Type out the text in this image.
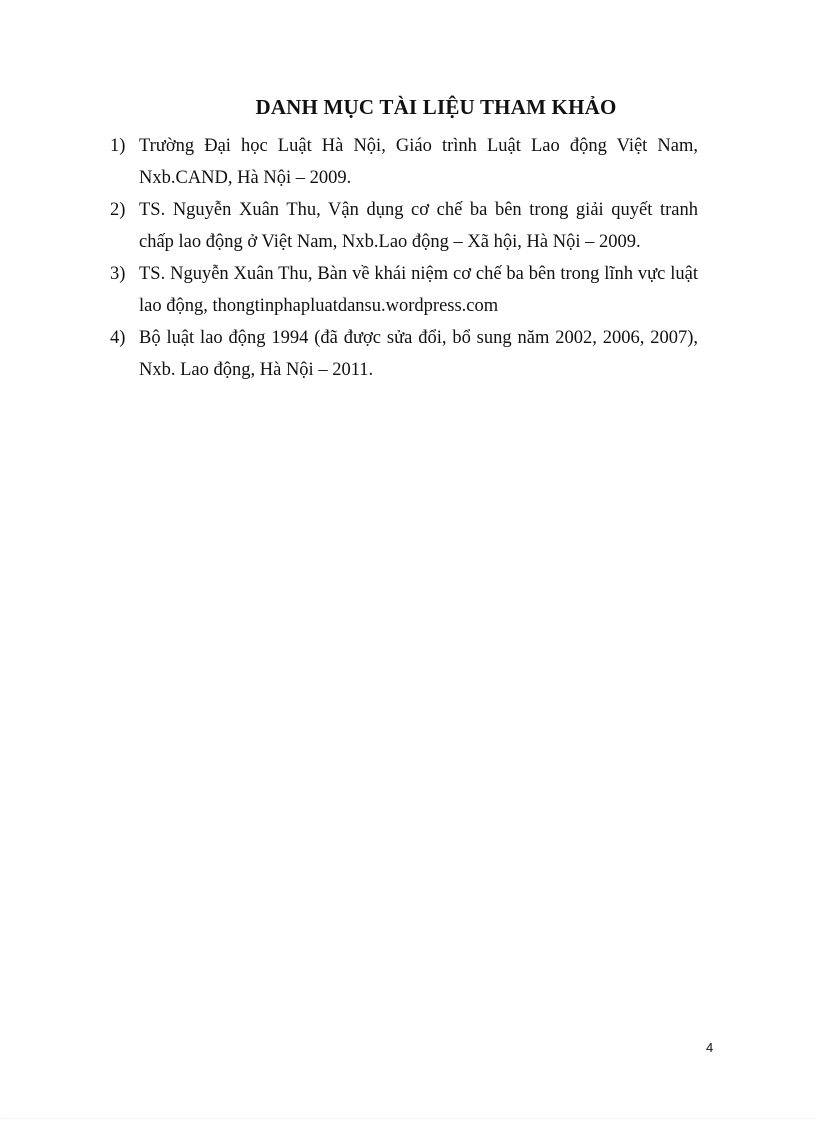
DANH MỤC TÀI LIỆU THAM KHẢO
1) Trường Đại học Luật Hà Nội, Giáo trình Luật Lao động Việt Nam, Nxb.CAND, Hà Nội – 2009.
2) TS. Nguyễn Xuân Thu, Vận dụng cơ chế ba bên trong giải quyết tranh chấp lao động ở Việt Nam, Nxb.Lao động – Xã hội, Hà Nội – 2009.
3) TS. Nguyễn Xuân Thu, Bàn về khái niệm cơ chế ba bên trong lĩnh vực luật lao động, thongtinphapluatdansu.wordpress.com
4) Bộ luật lao động 1994 (đã được sửa đổi, bổ sung năm 2002, 2006, 2007), Nxb. Lao động, Hà Nội – 2011.
4
